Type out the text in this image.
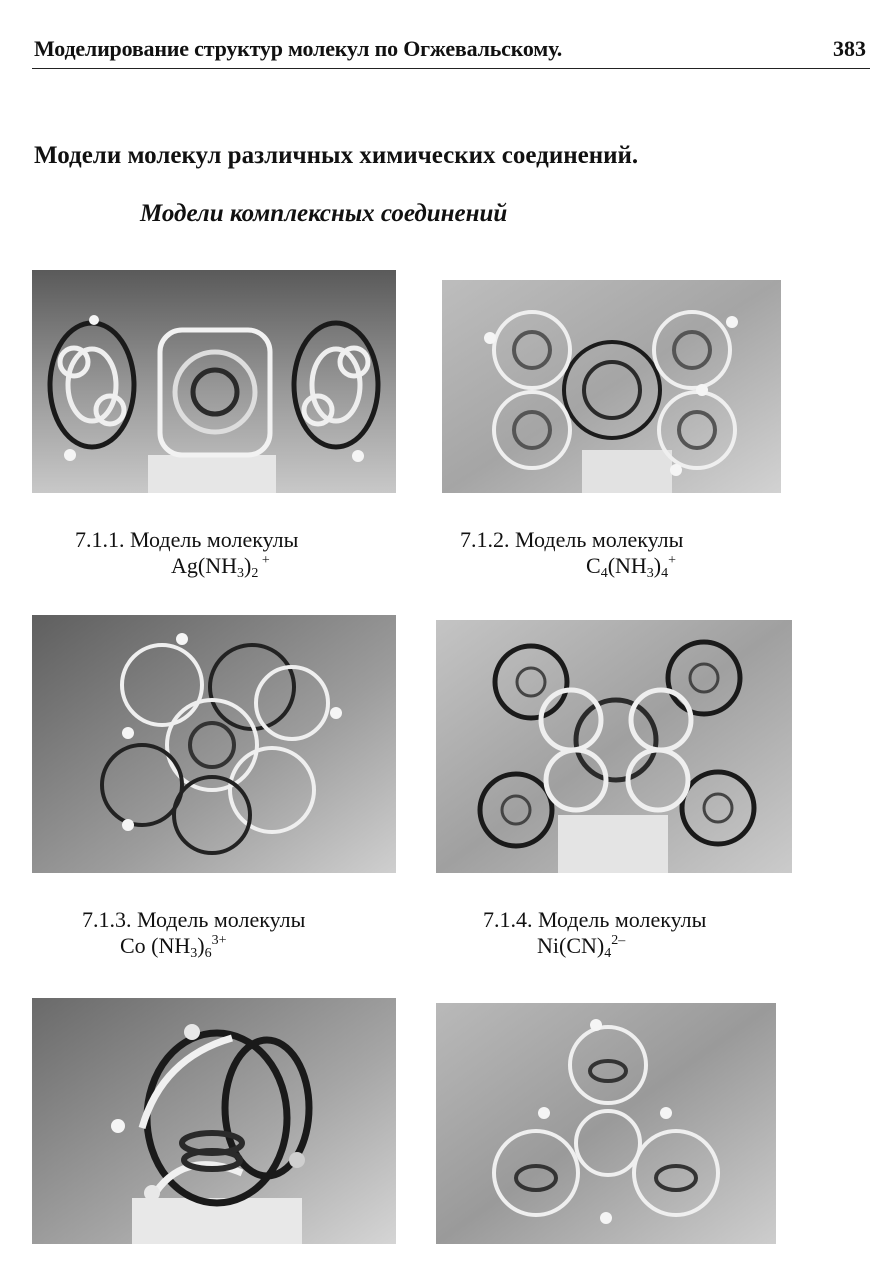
Моделирование структур молекул по Огжевальскому.	383
Модели молекул различных химических соединений.
Модели комплексных соединений
7.1.1. Модель молекулы
$Ag(NH_3)_2$ +
7.1.2. Модель молекулы
$C_4(NH_3)_4^+$
7.1.3. Модель молекулы
Co $(NH_3)_6^{3+}$
7.1.4. Модель молекулы
$Ni(CN)_4^{2-}$
